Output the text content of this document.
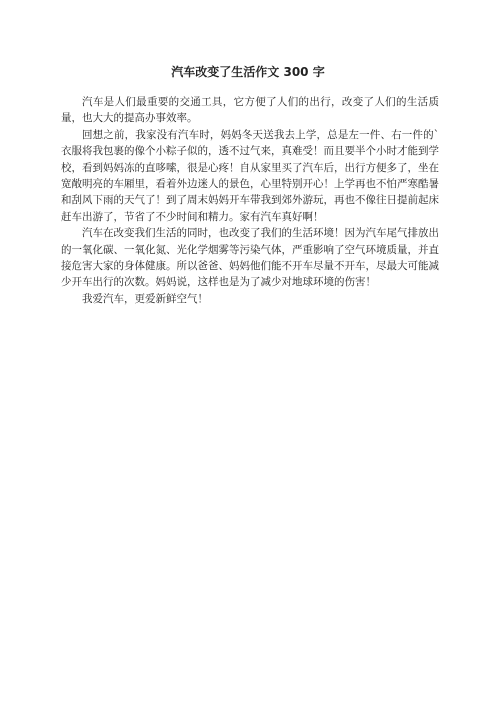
汽车改变了生活作文 300 字

汽车是人们最重要的交通工具，它方便了人们的出行，改变了人们的生活质量，也大大的提高办事效率。

回想之前，我家没有汽车时，妈妈冬天送我去上学，总是左一件、右一件的`衣服将我包裹的像个小粽子似的，透不过气来，真难受！而且要半个小时才能到学校，看到妈妈冻的直哆嗦，很是心疼！自从家里买了汽车后，出行方便多了，坐在宽敞明亮的车厢里，看着外边迷人的景色，心里特别开心！上学再也不怕严寒酷暑和刮风下雨的天气了！到了周末妈妈开车带我到郊外游玩，再也不像往日提前起床赶车出游了，节省了不少时间和精力。家有汽车真好啊！

汽车在改变我们生活的同时，也改变了我们的生活环境！因为汽车尾气排放出的一氧化碳、一氧化氮、光化学烟雾等污染气体，严重影响了空气环境质量，并直接危害大家的身体健康。所以爸爸、妈妈他们能不开车尽量不开车，尽最大可能减少开车出行的次数。妈妈说，这样也是为了减少对地球环境的伤害！

我爱汽车，更爱新鲜空气！
